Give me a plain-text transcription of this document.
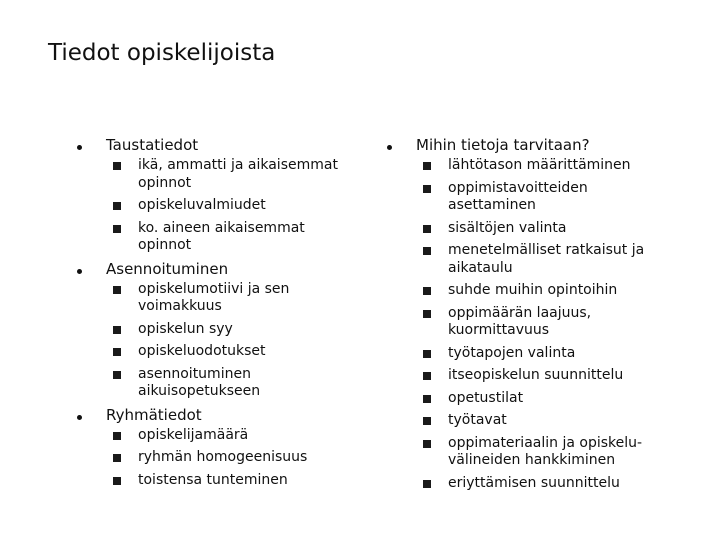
Tiedot opiskelijoista
Taustatiedot
ikä, ammatti ja aikaisemmat opinnot
opiskeluvalmiudet
ko. aineen aikaisemmat opinnot
Asennoituminen
opiskelumotiivi ja sen voimakkuus
opiskelun syy
opiskeluodotukset
asennoituminen aikuisopetukseen
Ryhmätiedot
opiskelijamäärä
ryhmän homogeenisuus
toistensa tunteminen
Mihin tietoja tarvitaan?
lähtötason määrittäminen
oppimistavoitteiden asettaminen
sisältöjen valinta
menetelmälliset ratkaisut ja aikataulu
suhde muihin opintoihin
oppimäärän laajuus, kuormittavuus
työtapojen valinta
itseopiskelun suunnittelu
opetustilat
työtavat
oppimateriaalin ja opiskelu-välineiden hankkiminen
eriyttämisen suunnittelu
